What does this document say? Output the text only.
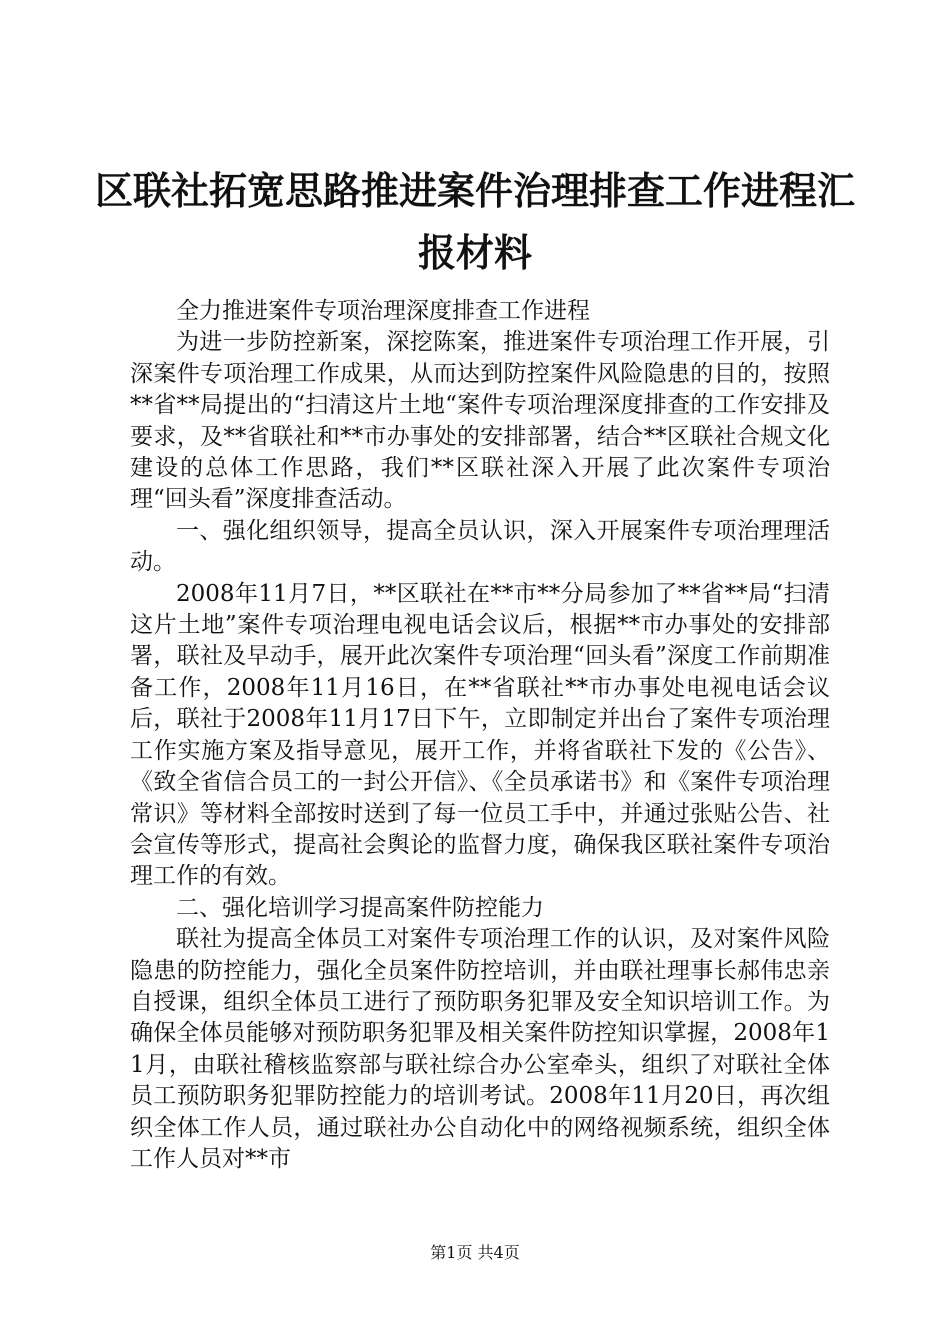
区联社拓宽思路推进案件治理排查工作进程汇报材料

全力推进案件专项治理深度排查工作进程

为进一步防控新案，深挖陈案，推进案件专项治理工作开展，引深案件专项治理工作成果，从而达到防控案件风险隐患的目的，按照**省**局提出的“扫清这片土地“案件专项治理深度排查的工作安排及要求，及**省联社和**市办事处的安排部署，结合**区联社合规文化建设的总体工作思路，我们**区联社深入开展了此次案件专项治理“回头看”深度排查活动。

一、强化组织领导，提高全员认识，深入开展案件专项治理理活动。

2008年11月7日，**区联社在**市**分局参加了**省**局“扫清这片土地”案件专项治理电视电话会议后，根据**市办事处的安排部署，联社及早动手，展开此次案件专项治理“回头看”深度工作前期准备工作，2008年11月16日，在**省联社**市办事处电视电话会议后，联社于2008年11月17日下午，立即制定并出台了案件专项治理工作实施方案及指导意见，展开工作，并将省联社下发的《公告》、《致全省信合员工的一封公开信》、《全员承诺书》和《案件专项治理常识》等材料全部按时送到了每一位员工手中，并通过张贴公告、社会宣传等形式，提高社会舆论的监督力度，确保我区联社案件专项治理工作的有效。

二、强化培训学习提高案件防控能力

联社为提高全体员工对案件专项治理工作的认识，及对案件风险隐患的防控能力，强化全员案件防控培训，并由联社理事长郝伟忠亲自授课，组织全体员工进行了预防职务犯罪及安全知识培训工作。为确保全体员能够对预防职务犯罪及相关案件防控知识掌握，2008年11月，由联社稽核监察部与联社综合办公室牵头，组织了对联社全体员工预防职务犯罪防控能力的培训考试。2008年11月20日，再次组织全体工作人员，通过联社办公自动化中的网络视频系统，组织全体工作人员对**市

第1页 共4页
